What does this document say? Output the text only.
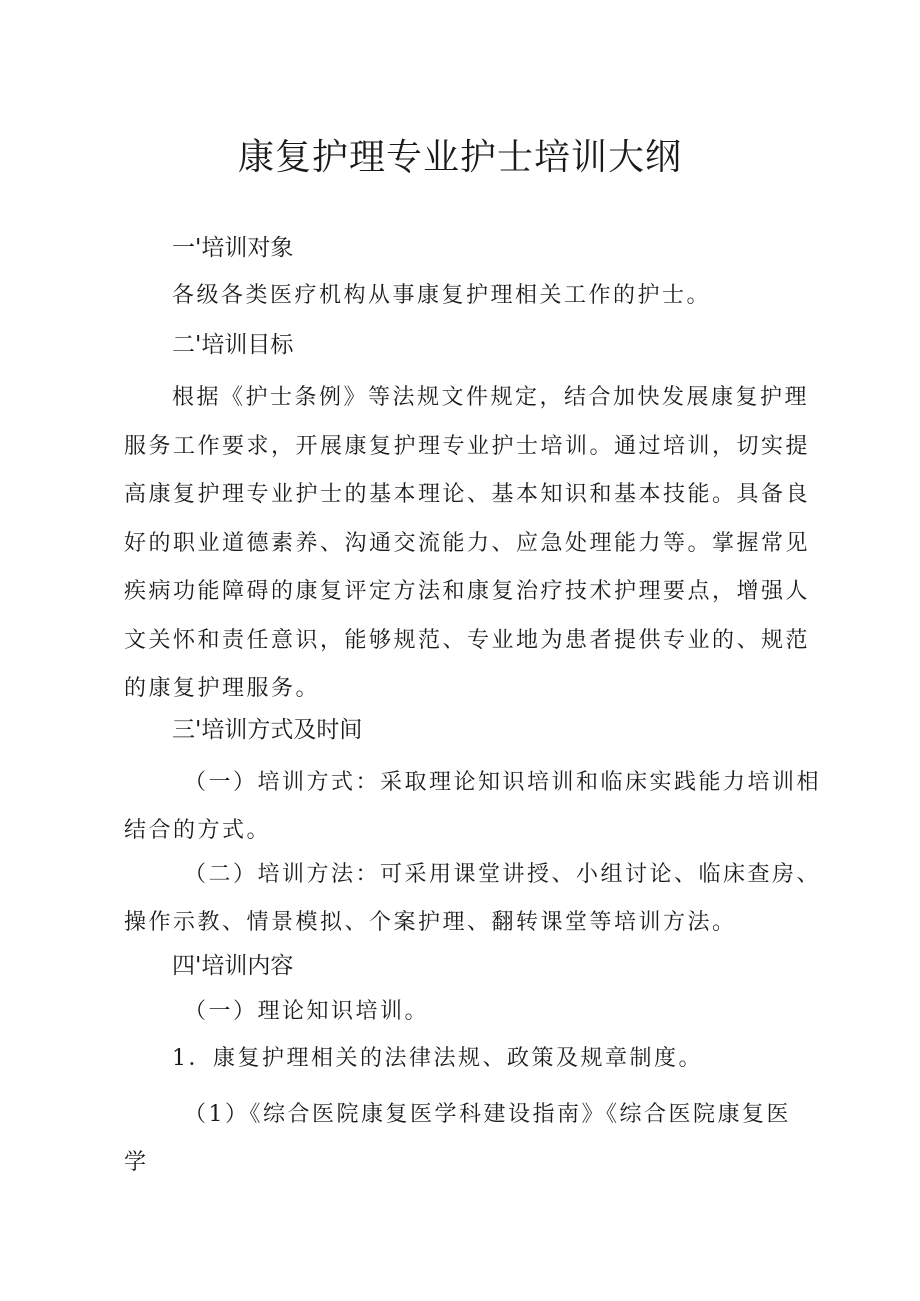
康复护理专业护士培训大纲
一'培训对象
各级各类医疗机构从事康复护理相关工作的护士。
二'培训目标
根据《护士条例》等法规文件规定，结合加快发展康复护理
服务工作要求，开展康复护理专业护士培训。通过培训，切实提
高康复护理专业护士的基本理论、基本知识和基本技能。具备良
好的职业道德素养、沟通交流能力、应急处理能力等。掌握常见
疾病功能障碍的康复评定方法和康复治疗技术护理要点，增强人
文关怀和责任意识，能够规范、专业地为患者提供专业的、规范
的康复护理服务。
三'培训方式及时间
（一）培训方式：采取理论知识培训和临床实践能力培训相
结合的方式。
（二）培训方法：可采用课堂讲授、小组讨论、临床查房、
操作示教、情景模拟、个案护理、翻转课堂等培训方法。
四'培训内容
（一）理论知识培训。
1．康复护理相关的法律法规、政策及规章制度。
（1）《综合医院康复医学科建设指南》《综合医院康复医
学
